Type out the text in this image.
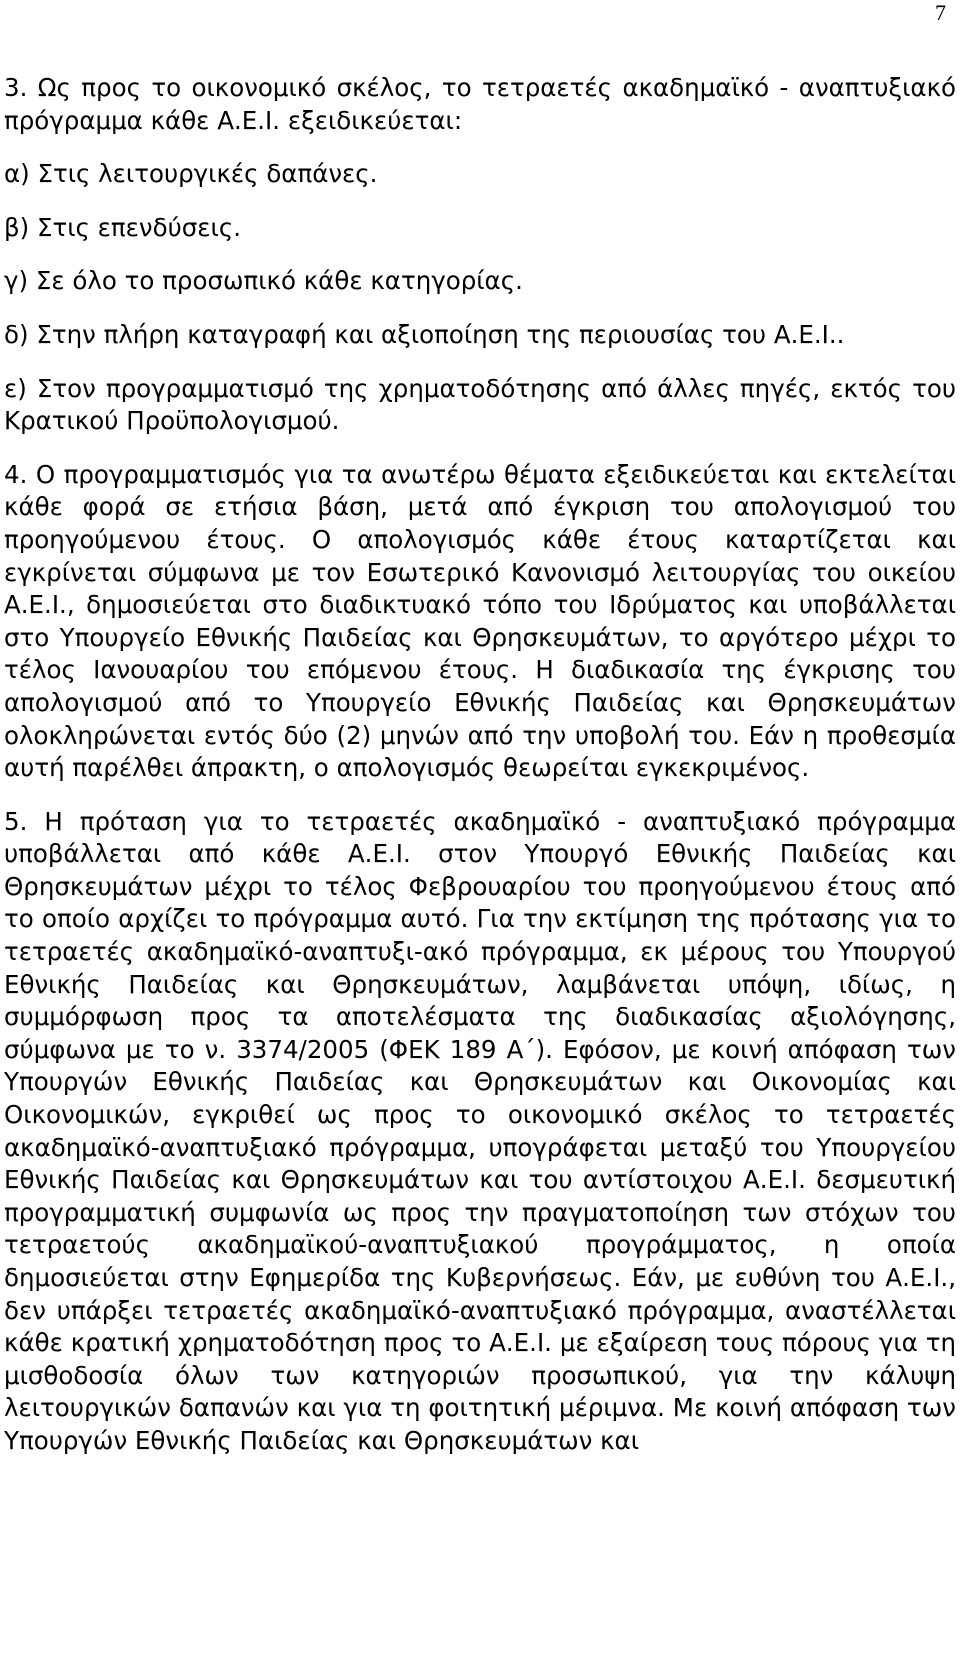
7

3. Ως προς το οικονομικό σκέλος, το τετραετές ακαδημαϊκό - αναπτυξιακό πρόγραμμα κάθε Α.Ε.Ι. εξειδικεύεται:

α) Στις λειτουργικές δαπάνες.

β) Στις επενδύσεις.

γ) Σε όλο το προσωπικό κάθε κατηγορίας.

δ) Στην πλήρη καταγραφή και αξιοποίηση της περιουσίας του Α.Ε.Ι..

ε) Στον προγραμματισμό της χρηματοδότησης από άλλες πηγές, εκτός του Κρατικού Προϋπολογισμού.

4. Ο προγραμματισμός για τα ανωτέρω θέματα εξειδικεύεται και εκτελείται κάθε φορά σε ετήσια βάση, μετά από έγκριση του απολογισμού του προηγούμενου έτους. Ο απολογισμός κάθε έτους καταρτίζεται και εγκρίνεται σύμφωνα με τον Εσωτερικό Κανονισμό λειτουργίας του οικείου Α.Ε.Ι., δημοσιεύεται στο διαδικτυακό τόπο του Ιδρύματος και υποβάλλεται στο Υπουργείο Εθνικής Παιδείας και Θρησκευμάτων, το αργότερο μέχρι το τέλος Ιανουαρίου του επόμενου έτους. Η διαδικασία της έγκρισης του απολογισμού από το Υπουργείο Εθνικής Παιδείας και Θρησκευμάτων ολοκληρώνεται εντός δύο (2) μηνών από την υποβολή του. Εάν η προθεσμία αυτή παρέλθει άπρακτη, ο απολογισμός θεωρείται εγκεκριμένος.

5. Η πρόταση για το τετραετές ακαδημαϊκό - αναπτυξιακό πρόγραμμα υποβάλλεται από κάθε Α.Ε.Ι. στον Υπουργό Εθνικής Παιδείας και Θρησκευμάτων μέχρι το τέλος Φεβρουαρίου του προηγούμενου έτους από το οποίο αρχίζει το πρόγραμμα αυτό. Για την εκτίμηση της πρότασης για το τετραετές ακαδημαϊκό-αναπτυξι-ακό πρόγραμμα, εκ μέρους του Υπουργού Εθνικής Παιδείας και Θρησκευμάτων, λαμβάνεται υπόψη, ιδίως, η συμμόρφωση προς τα αποτελέσματα της διαδικασίας αξιολόγησης, σύμφωνα με το ν. 3374/2005 (ΦΕΚ 189 Α΄). Εφόσον, με κοινή απόφαση των Υπουργών Εθνικής Παιδείας και Θρησκευμάτων και Οικονομίας και Οικονομικών, εγκριθεί ως προς το οικονομικό σκέλος το τετραετές ακαδημαϊκό-αναπτυξιακό πρόγραμμα, υπογράφεται μεταξύ του Υπουργείου Εθνικής Παιδείας και Θρησκευμάτων και του αντίστοιχου Α.Ε.Ι. δεσμευτική προγραμματική συμφωνία ως προς την πραγματοποίηση των στόχων του τετραετούς ακαδημαϊκού-αναπτυξιακού προγράμματος, η οποία δημοσιεύεται στην Εφημερίδα της Κυβερνήσεως. Εάν, με ευθύνη του Α.Ε.Ι., δεν υπάρξει τετραετές ακαδημαϊκό-αναπτυξιακό πρόγραμμα, αναστέλλεται κάθε κρατική χρηματοδότηση προς το Α.Ε.Ι. με εξαίρεση τους πόρους για τη μισθοδοσία όλων των κατηγοριών προσωπικού, για την κάλυψη λειτουργικών δαπανών και για τη φοιτητική μέριμνα. Με κοινή απόφαση των Υπουργών Εθνικής Παιδείας και Θρησκευμάτων και
